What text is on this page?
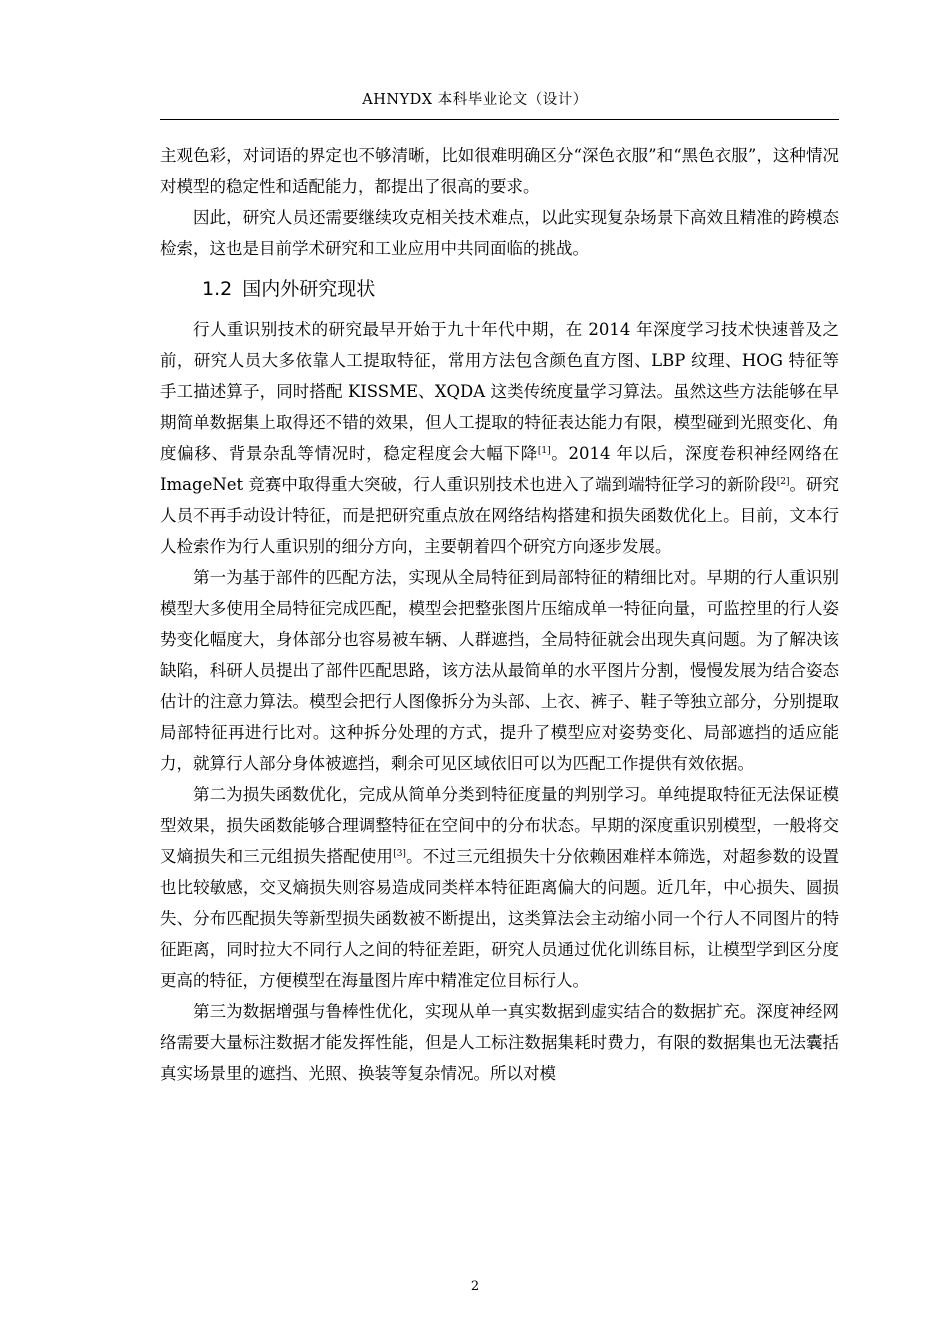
AHNYDX 本科毕业论文（设计）

主观色彩，对词语的界定也不够清晰，比如很难明确区分“深色衣服”和“黑色衣服”，这种情况对模型的稳定性和适配能力，都提出了很高的要求。

因此，研究人员还需要继续攻克相关技术难点，以此实现复杂场景下高效且精准的跨模态检索，这也是目前学术研究和工业应用中共同面临的挑战。

1.2 国内外研究现状

行人重识别技术的研究最早开始于九十年代中期，在 2014 年深度学习技术快速普及之前，研究人员大多依靠人工提取特征，常用方法包含颜色直方图、LBP 纹理、HOG 特征等手工描述算子，同时搭配 KISSME、XQDA 这类传统度量学习算法。虽然这些方法能够在早期简单数据集上取得还不错的效果，但人工提取的特征表达能力有限，模型碰到光照变化、角度偏移、背景杂乱等情况时，稳定程度会大幅下降[1]。2014 年以后，深度卷积神经网络在 ImageNet 竞赛中取得重大突破，行人重识别技术也进入了端到端特征学习的新阶段[2]。研究人员不再手动设计特征，而是把研究重点放在网络结构搭建和损失函数优化上。目前，文本行人检索作为行人重识别的细分方向，主要朝着四个研究方向逐步发展。

第一为基于部件的匹配方法，实现从全局特征到局部特征的精细比对。早期的行人重识别模型大多使用全局特征完成匹配，模型会把整张图片压缩成单一特征向量，可监控里的行人姿势变化幅度大，身体部分也容易被车辆、人群遮挡，全局特征就会出现失真问题。为了解决该缺陷，科研人员提出了部件匹配思路，该方法从最简单的水平图片分割，慢慢发展为结合姿态估计的注意力算法。模型会把行人图像拆分为头部、上衣、裤子、鞋子等独立部分，分别提取局部特征再进行比对。这种拆分处理的方式，提升了模型应对姿势变化、局部遮挡的适应能力，就算行人部分身体被遮挡，剩余可见区域依旧可以为匹配工作提供有效依据。

第二为损失函数优化，完成从简单分类到特征度量的判别学习。单纯提取特征无法保证模型效果，损失函数能够合理调整特征在空间中的分布状态。早期的深度重识别模型，一般将交叉熵损失和三元组损失搭配使用[3]。不过三元组损失十分依赖困难样本筛选，对超参数的设置也比较敏感，交叉熵损失则容易造成同类样本特征距离偏大的问题。近几年，中心损失、圆损失、分布匹配损失等新型损失函数被不断提出，这类算法会主动缩小同一个行人不同图片的特征距离，同时拉大不同行人之间的特征差距，研究人员通过优化训练目标，让模型学到区分度更高的特征，方便模型在海量图片库中精准定位目标行人。

第三为数据增强与鲁棒性优化，实现从单一真实数据到虚实结合的数据扩充。深度神经网络需要大量标注数据才能发挥性能，但是人工标注数据集耗时费力，有限的数据集也无法囊括真实场景里的遮挡、光照、换装等复杂情况。所以对模

2
